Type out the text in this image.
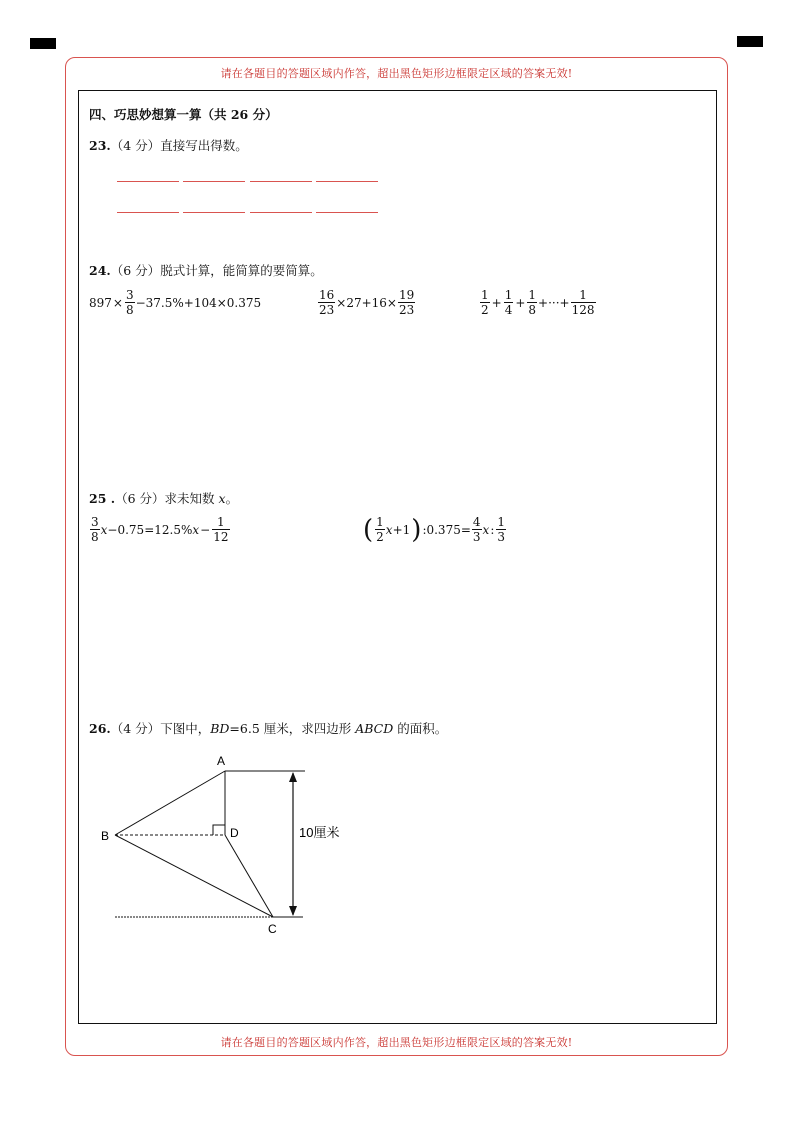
请在各题目的答题区域内作答，超出黑色矩形边框限定区域的答案无效!
四、巧思妙想算一算（共 26 分）
23.（4 分）直接写出得数。
24.（6 分）脱式计算，能简算的要简算。
$897 \times \frac{3}{8} -37.5\%+104\times 0.375$	$\frac{16}{23} \times 27+16\times \frac{19}{23}$	$\frac{1}{2} + \frac{1}{4} + \frac{1}{8}$ +···+ $\frac{1}{128}$
25 .（6 分）求未知数 x。
$\frac{3}{8}$ x −0.75=12.5% $x - \frac{1}{12}$	( $\frac{1}{2}$ x +1 ) :0.375= $\frac{4}{3}$ x : $\frac{1}{3}$
26.（4 分）下图中，BD=6.5 厘米，求四边形 ABCD 的面积。
A
B
C
D	10厘米
请在各题目的答题区域内作答，超出黑色矩形边框限定区域的答案无效!
